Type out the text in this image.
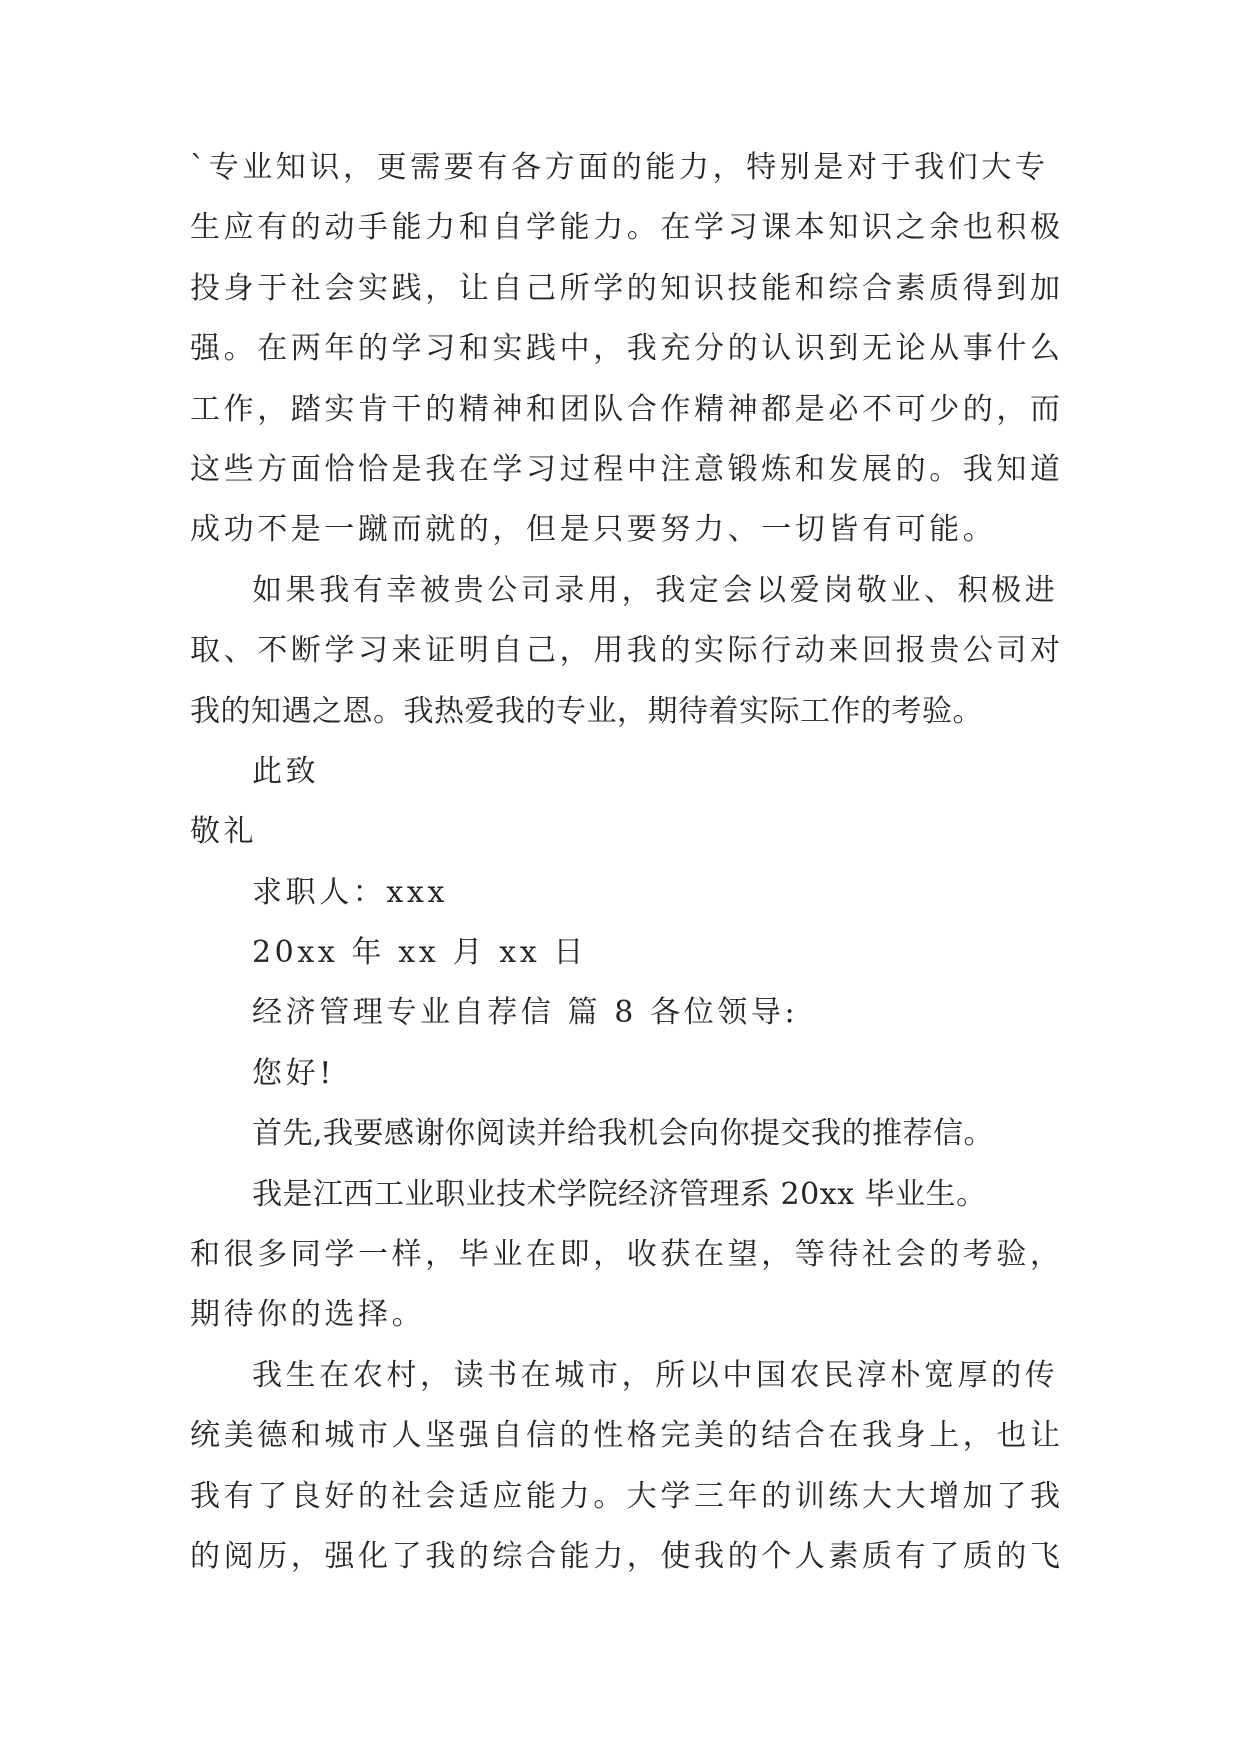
`专业知识，更需要有各方面的能力，特别是对于我们大专
生应有的动手能力和自学能力。在学习课本知识之余也积极
投身于社会实践，让自己所学的知识技能和综合素质得到加
强。在两年的学习和实践中，我充分的认识到无论从事什么
工作，踏实肯干的精神和团队合作精神都是必不可少的，而
这些方面恰恰是我在学习过程中注意锻炼和发展的。我知道
成功不是一蹴而就的，但是只要努力、一切皆有可能。
如果我有幸被贵公司录用，我定会以爱岗敬业、积极进
取、不断学习来证明自己，用我的实际行动来回报贵公司对
我的知遇之恩。我热爱我的专业，期待着实际工作的考验。
此致
敬礼
求职人：xxx
20xx 年 xx 月 xx 日
经济管理专业自荐信 篇 8 各位领导:
您好!
首先,我要感谢你阅读并给我机会向你提交我的推荐信。
我是江西工业职业技术学院经济管理系 20xx 毕业生。
和很多同学一样，毕业在即，收获在望，等待社会的考验，
期待你的选择。
我生在农村，读书在城市，所以中国农民淳朴宽厚的传
统美德和城市人坚强自信的性格完美的结合在我身上，也让
我有了良好的社会适应能力。大学三年的训练大大增加了我
的阅历，强化了我的综合能力，使我的个人素质有了质的飞
